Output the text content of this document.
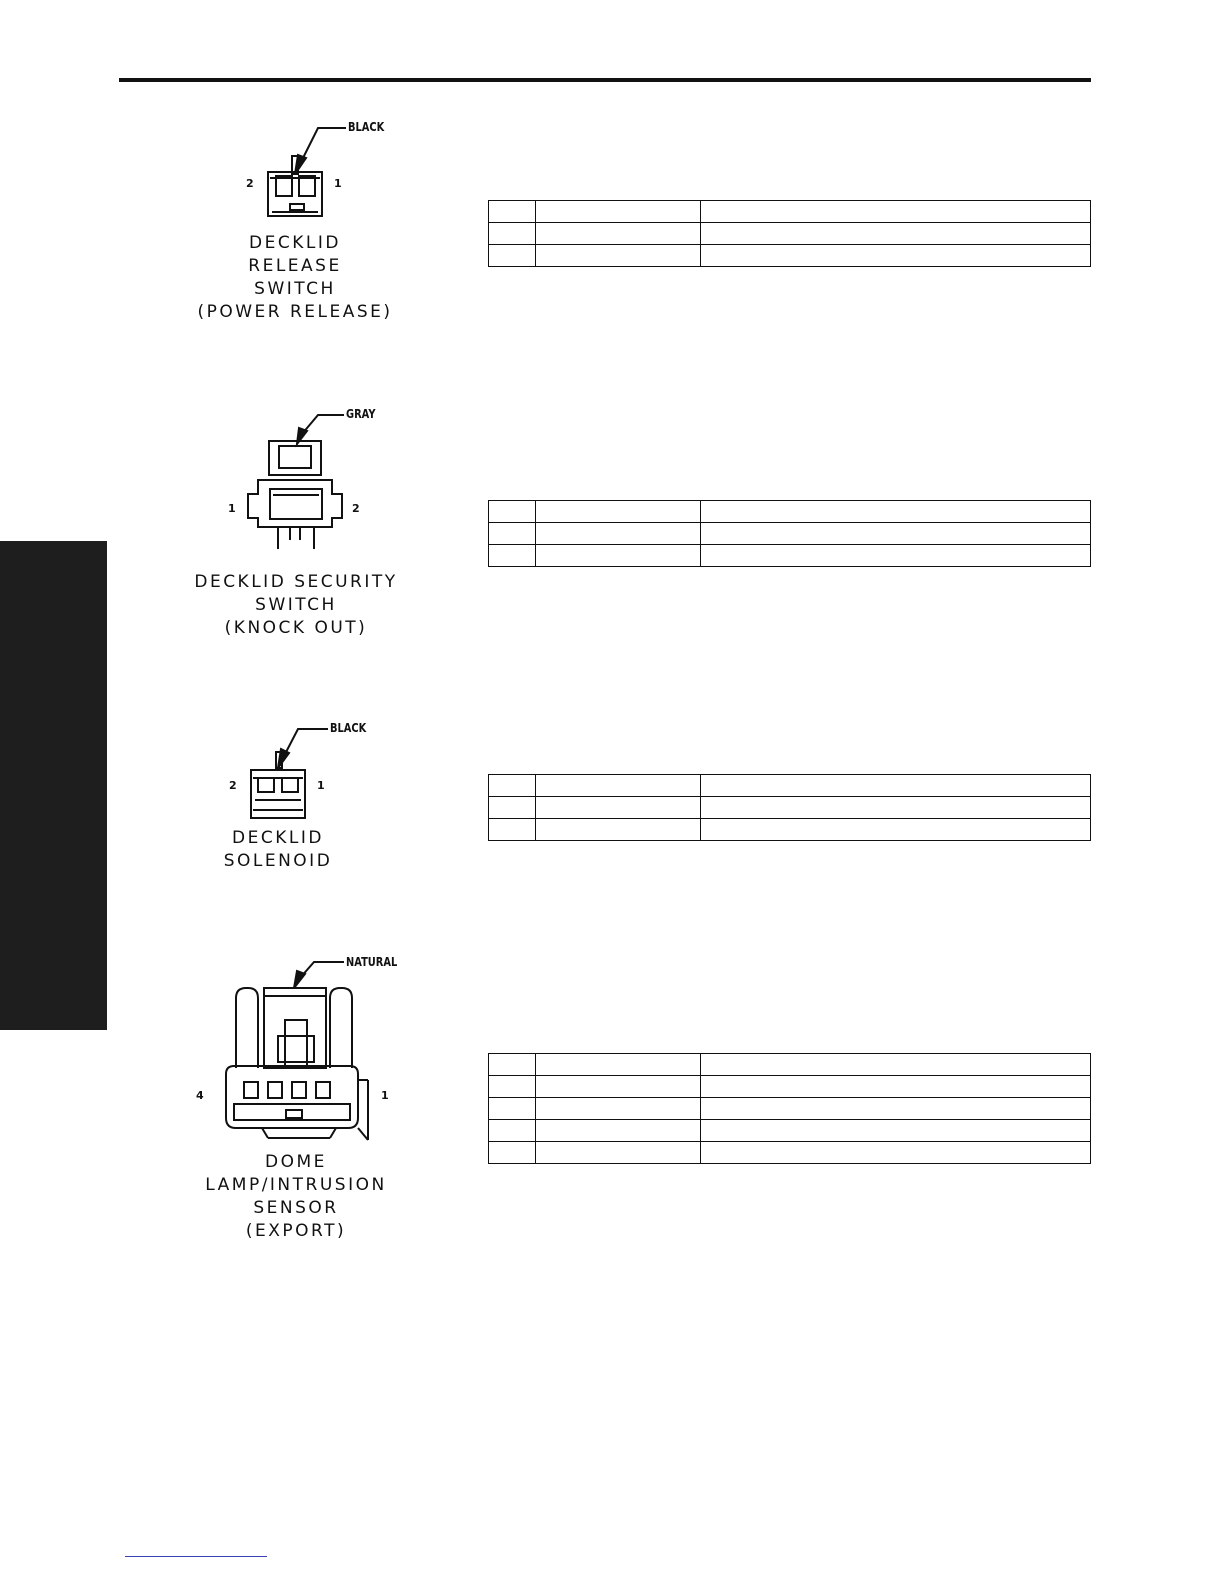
BLACK
2	1
DECKLID
RELEASE
SWITCH
(POWER RELEASE)

GRAY
1	2
DECKLID SECURITY
SWITCH
(KNOCK OUT)

BLACK
2	1
DECKLID
SOLENOID

NATURAL
4	1
DOME
LAMP/INTRUSION
SENSOR
(EXPORT)
